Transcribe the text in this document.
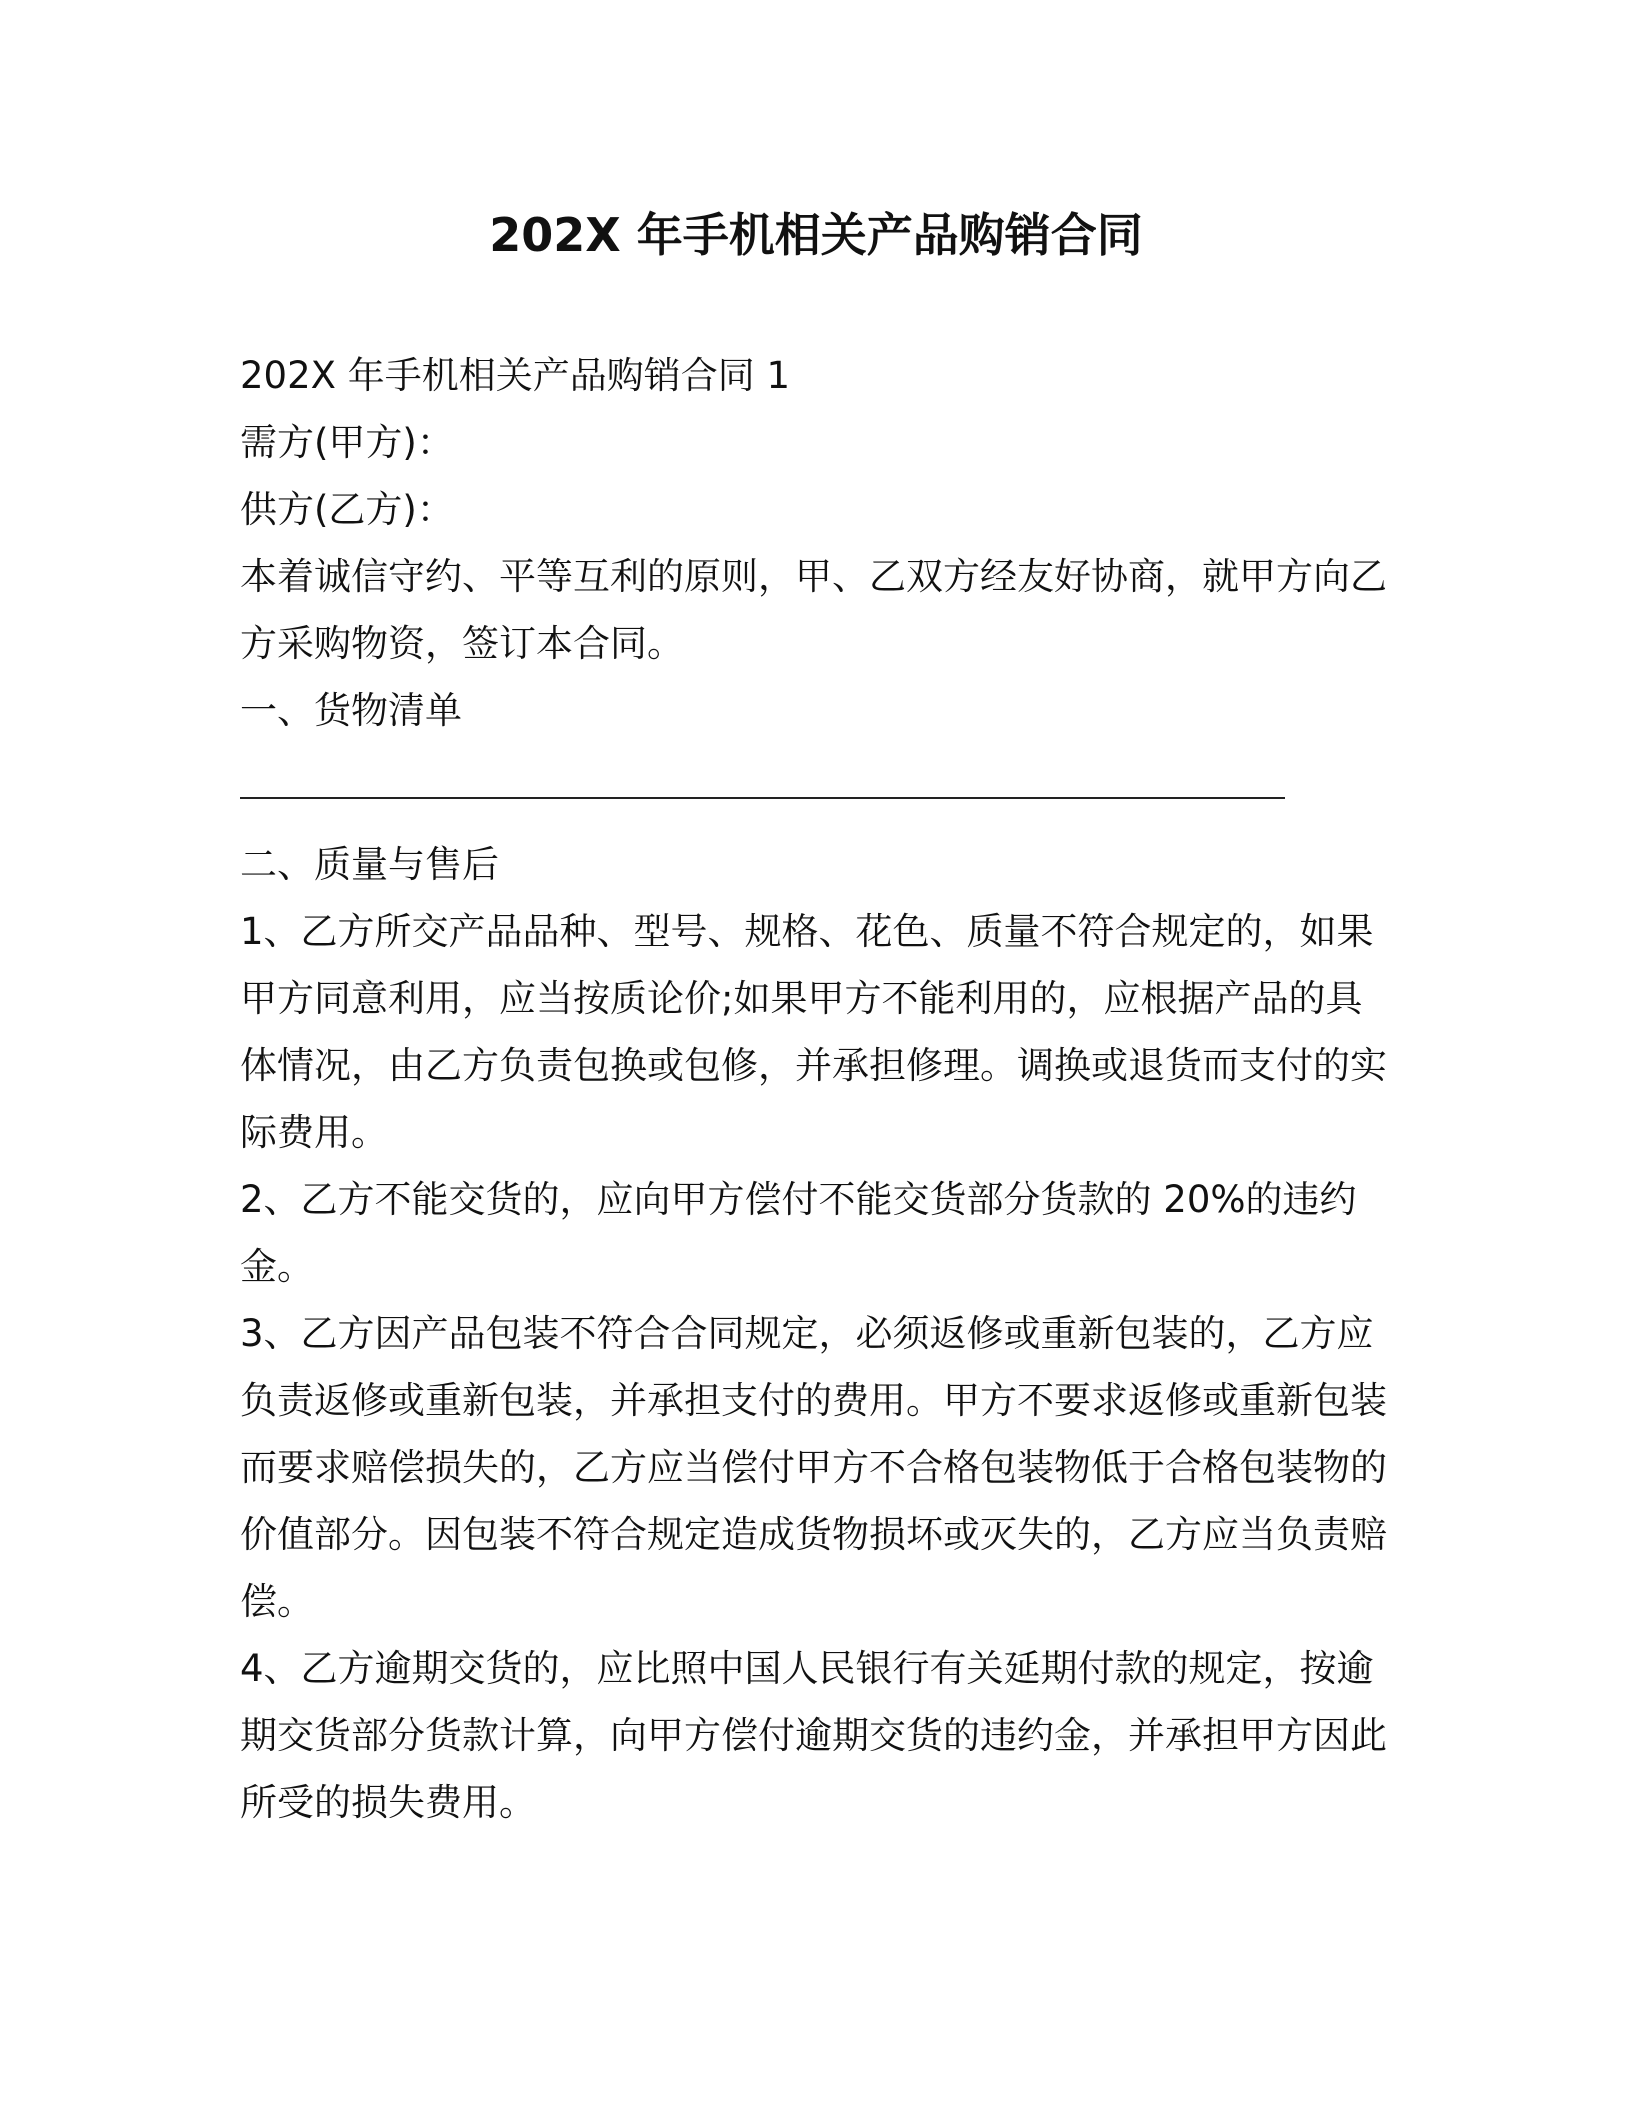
202X 年手机相关产品购销合同

202X 年手机相关产品购销合同 1

需方(甲方)：

供方(乙方)：

本着诚信守约、平等互利的原则，甲、乙双方经友好协商，就甲方向乙方采购物资，签订本合同。

一、货物清单

二、质量与售后

1、乙方所交产品品种、型号、规格、花色、质量不符合规定的，如果甲方同意利用，应当按质论价;如果甲方不能利用的，应根据产品的具体情况，由乙方负责包换或包修，并承担修理。调换或退货而支付的实际费用。

2、乙方不能交货的，应向甲方偿付不能交货部分货款的 20%的违约金。

3、乙方因产品包装不符合合同规定，必须返修或重新包装的，乙方应负责返修或重新包装，并承担支付的费用。甲方不要求返修或重新包装而要求赔偿损失的，乙方应当偿付甲方不合格包装物低于合格包装物的价值部分。因包装不符合规定造成货物损坏或灭失的，乙方应当负责赔偿。

4、乙方逾期交货的，应比照中国人民银行有关延期付款的规定，按逾期交货部分货款计算，向甲方偿付逾期交货的违约金，并承担甲方因此所受的损失费用。
